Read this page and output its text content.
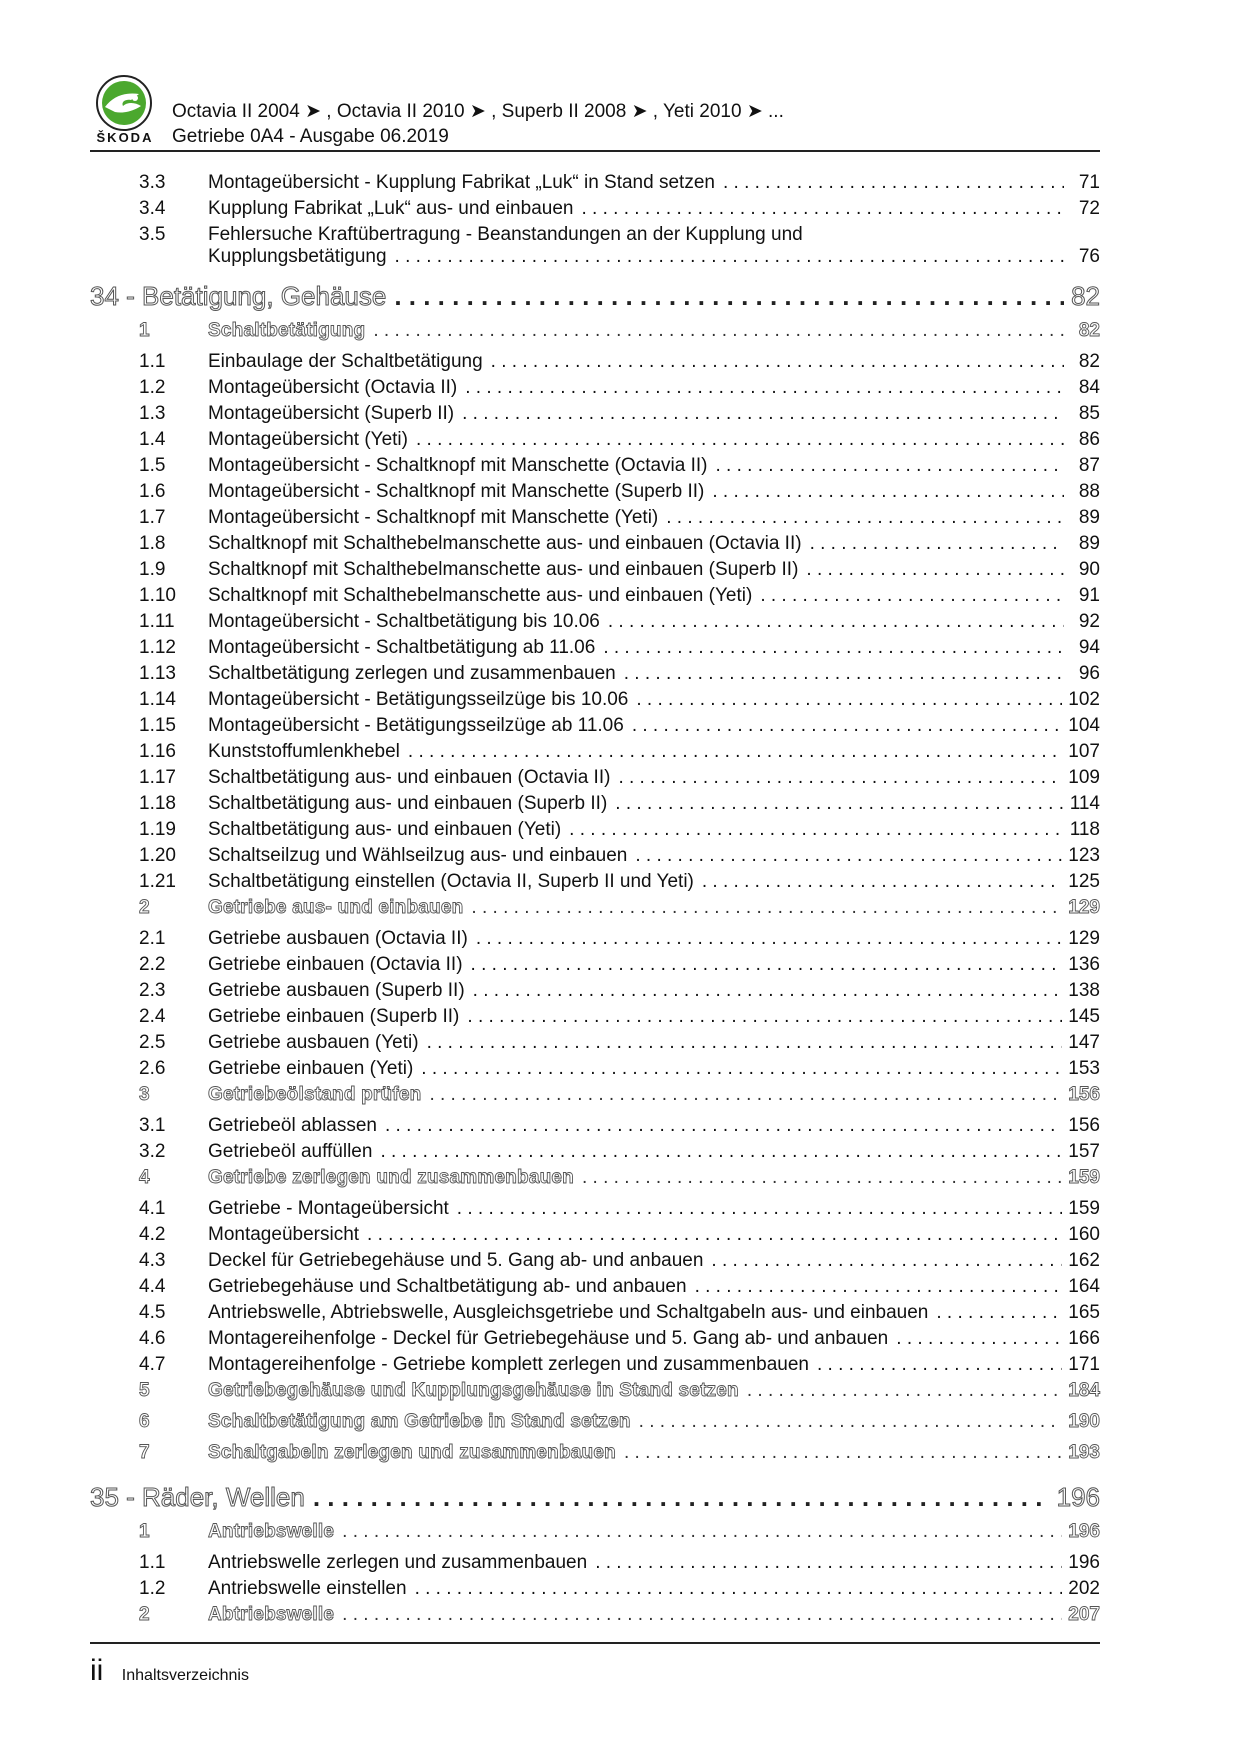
ŠKODA
Octavia II 2004 ➤ , Octavia II 2010 ➤ , Superb II 2008 ➤ , Yeti 2010 ➤ ...
Getriebe 0A4 - Ausgabe 06.2019
3.3	Montageübersicht - Kupplung Fabrikat „Luk“ in Stand setzen . . .	71
3.4	Kupplung Fabrikat „Luk“ aus- und einbauen . . .	72
3.5	Fehlersuche Kraftübertragung - Beanstandungen an der Kupplung und
Kupplungsbetätigung . . .	76
34 - Betätigung, Gehäuse . . .	82
1	Schaltbetätigung . . .	82
1.1	Einbaulage der Schaltbetätigung . . .	82
1.2	Montageübersicht (Octavia II) . . .	84
1.3	Montageübersicht (Superb II) . . .	85
1.4	Montageübersicht (Yeti) . . .	86
1.5	Montageübersicht - Schaltknopf mit Manschette (Octavia II) . . .	87
1.6	Montageübersicht - Schaltknopf mit Manschette (Superb II) . . .	88
1.7	Montageübersicht - Schaltknopf mit Manschette (Yeti) . . .	89
1.8	Schaltknopf mit Schalthebelmanschette aus- und einbauen (Octavia II) . . .	89
1.9	Schaltknopf mit Schalthebelmanschette aus- und einbauen (Superb II) . . .	90
1.10	Schaltknopf mit Schalthebelmanschette aus- und einbauen (Yeti) . . .	91
1.11	Montageübersicht - Schaltbetätigung bis 10.06 . . .	92
1.12	Montageübersicht - Schaltbetätigung ab 11.06 . . .	94
1.13	Schaltbetätigung zerlegen und zusammenbauen . . .	96
1.14	Montageübersicht - Betätigungsseilzüge bis 10.06 . . .	102
1.15	Montageübersicht - Betätigungsseilzüge ab 11.06 . . .	104
1.16	Kunststoffumlenkhebel . . .	107
1.17	Schaltbetätigung aus- und einbauen (Octavia II) . . .	109
1.18	Schaltbetätigung aus- und einbauen (Superb II) . . .	114
1.19	Schaltbetätigung aus- und einbauen (Yeti) . . .	118
1.20	Schaltseilzug und Wählseilzug aus- und einbauen . . .	123
1.21	Schaltbetätigung einstellen (Octavia II, Superb II und Yeti) . . .	125
2	Getriebe aus- und einbauen . . .	129
2.1	Getriebe ausbauen (Octavia II) . . .	129
2.2	Getriebe einbauen (Octavia II) . . .	136
2.3	Getriebe ausbauen (Superb II) . . .	138
2.4	Getriebe einbauen (Superb II) . . .	145
2.5	Getriebe ausbauen (Yeti) . . .	147
2.6	Getriebe einbauen (Yeti) . . .	153
3	Getriebeölstand prüfen . . .	156
3.1	Getriebeöl ablassen . . .	156
3.2	Getriebeöl auffüllen . . .	157
4	Getriebe zerlegen und zusammenbauen . . .	159
4.1	Getriebe - Montageübersicht . . .	159
4.2	Montageübersicht . . .	160
4.3	Deckel für Getriebegehäuse und 5. Gang ab- und anbauen . . .	162
4.4	Getriebegehäuse und Schaltbetätigung ab- und anbauen . . .	164
4.5	Antriebswelle, Abtriebswelle, Ausgleichsgetriebe und Schaltgabeln aus- und einbauen . . .	165
4.6	Montagereihenfolge - Deckel für Getriebegehäuse und 5. Gang ab- und anbauen . . .	166
4.7	Montagereihenfolge - Getriebe komplett zerlegen und zusammenbauen . . .	171
5	Getriebegehäuse und Kupplungsgehäuse in Stand setzen . . .	184
6	Schaltbetätigung am Getriebe in Stand setzen . . .	190
7	Schaltgabeln zerlegen und zusammenbauen . . .	193
35 - Räder, Wellen . . .	196
1	Antriebswelle . . .	196
1.1	Antriebswelle zerlegen und zusammenbauen . . .	196
1.2	Antriebswelle einstellen . . .	202
2	Abtriebswelle . . .	207
ii Inhaltsverzeichnis
